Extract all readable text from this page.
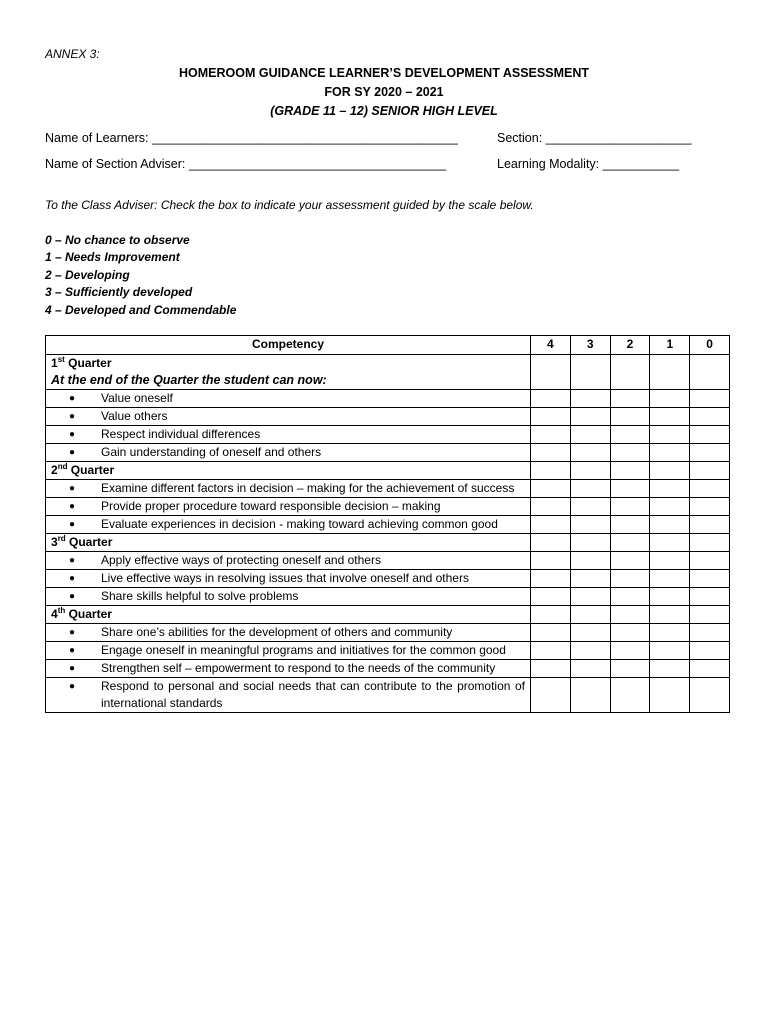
ANNEX 3:
HOMEROOM GUIDANCE LEARNER’S DEVELOPMENT ASSESSMENT
FOR SY 2020 – 2021
(GRADE 11 – 12) SENIOR HIGH LEVEL
Name of Learners: ____________________________________________	Section: _____________________
Name of Section Adviser: _____________________________________	Learning Modality: ___________
To the Class Adviser: Check the box to indicate your assessment guided by the scale below.
0 – No chance to observe
1 – Needs Improvement
2 – Developing
3 – Sufficiently developed
4 – Developed and Commendable
Competency	4	3	2	1	0

1st Quarter
At the end of the Quarter the student can now:					

● Value oneself					

● Value others					

● Respect individual differences					

● Gain understanding of oneself and others					

2nd Quarter					

● Examine different factors in decision – making for the achievement of success					

● Provide proper procedure toward responsible decision – making					

● Evaluate experiences in decision - making toward achieving common good					

3rd Quarter					

● Apply effective ways of protecting oneself and others					

● Live effective ways in resolving issues that involve oneself and others					

● Share skills helpful to solve problems					

4th Quarter					

● Share one’s abilities for the development of others and community					

● Engage oneself in meaningful programs and initiatives for the common good					

● Strengthen self – empowerment to respond to the needs of the community					

● Respond to personal and social needs that can contribute to the promotion of international standards					
